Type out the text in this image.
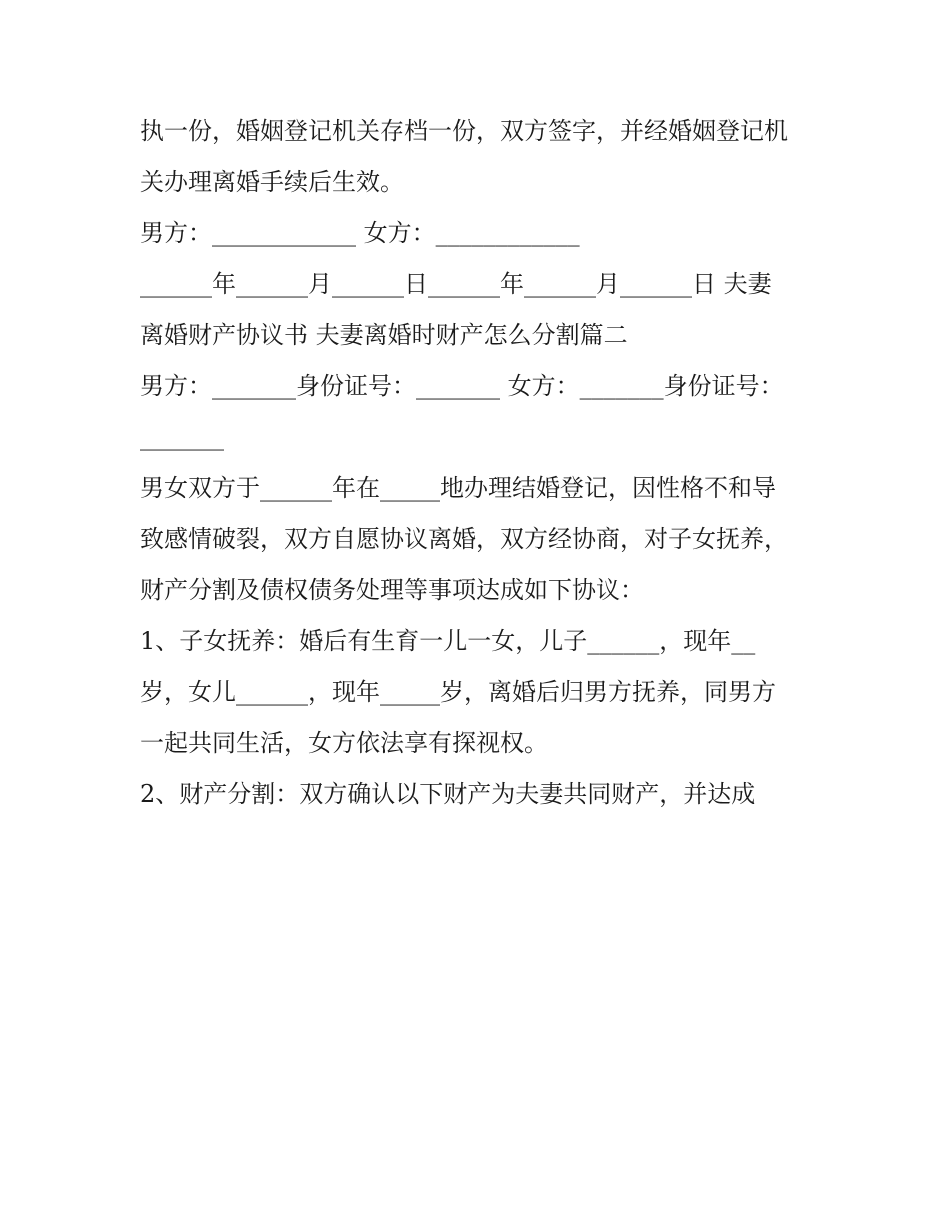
执一份，婚姻登记机关存档一份，双方签字，并经婚姻登记机
关办理离婚手续后生效。
男方：____________ 女方：____________
______年______月______日______年______月______日 夫妻
离婚财产协议书 夫妻离婚时财产怎么分割篇二
男方：_______身份证号：_______ 女方：_______身份证号：
_______
男女双方于______年在_____地办理结婚登记，因性格不和导
致感情破裂，双方自愿协议离婚，双方经协商，对子女抚养，
财产分割及债权债务处理等事项达成如下协议：
1、子女抚养：婚后有生育一儿一女，儿子______，现年__
岁，女儿______，现年_____岁，离婚后归男方抚养，同男方
一起共同生活，女方依法享有探视权。
2、财产分割：双方确认以下财产为夫妻共同财产，并达成
